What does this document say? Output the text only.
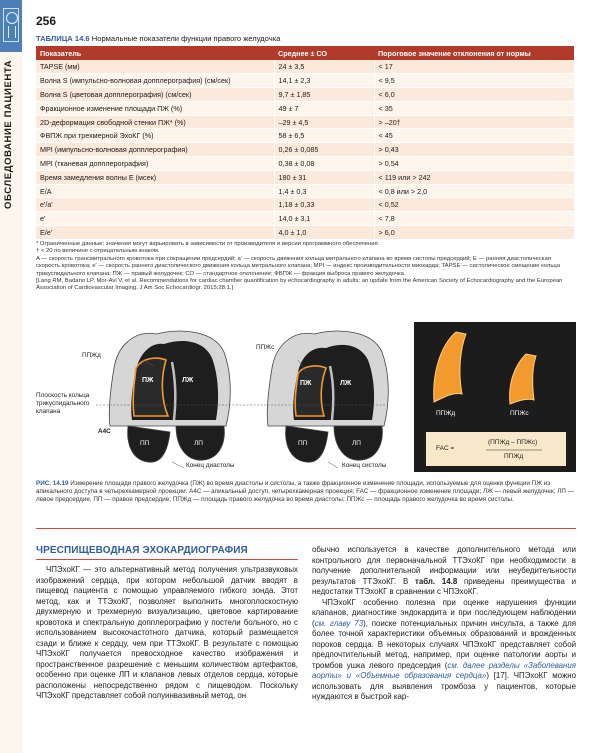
ОБСЛЕДОВАНИЕ ПАЦИЕНТА
256
ТАБЛИЦА 14.6 Нормальные показатели функции правого желудочка
Показатель	Среднее ± СО	Пороговое значение отклонения от нормы
TAPSE (мм)	24 ± 3,5	< 17
Волна S (импульсно-волновая допплерография) (см/сек)	14,1 ± 2,3	< 9,5
Волна S (цветовая допплерография) (см/сек)	9,7 ± 1,85	< 6,0
Фракционное изменение площади ПЖ (%)	49 ± 7	< 35
2D-деформация свободной стенки ПЖ* (%)	–29 ± 4,5	> –20†
ФВПЖ при трехмерной ЭхоКГ (%)	58 ± 6,5	< 45
MPI (импульсно-волновая допплерография)	0,26 ± 0,085	> 0,43
MPI (тканевая допплерография)	0,38 ± 0,08	> 0,54
Время замедления волны Е (мсек)	180 ± 31	< 119 или > 242
E/A	1,4 ± 0,3	< 0,8 или > 2,0
e'/a'	1,18 ± 0,33	< 0,52
e'	14,0 ± 3,1	< 7,8
E/e'	4,0 ± 1,0	> 6,0

* Ограниченные данные; значения могут варьировать в зависимости от производителя и версии программного обеспечения.

† < 20 по величине с отрицательным знаком.

A — скорость трансмитрального кровотока при сокращении предсердий; a' — скорость движения кольца митрального клапана во время систолы предсердий; Е — ранняя диастолическая скорость кровотока; е' — скорость раннего диастолического движения кольца митрального клапана; MPI — индекс производительности миокарда; TAPSE — систолическое смещение кольца трикуспидального клапана; ПЖ — правый желудочек; СО — стандартное отклонение; ФВПЖ — фракция выброса правого желудочка.

[Lang RM, Badano LP, Mor-Avi V, et al. Recommendations for cardiac chamber quantification by echocardiography in adults: an update from the American Society of Echocardiography and the European Association of Cardiovascular Imaging. J Am Soc Echocardiogr. 2015;28:1.]

ППЖд
ПЖ	ЛЖ
ПП	ЛП
Плоскость кольца
трикуспидального
клапана
А4С
Конец диастолы
ППЖс
ПЖ	ЛЖ
ПП	ЛП
Конец систолы
ППЖд	ППЖс
FAC =
(ППЖд – ППЖс)
ППЖд
РИС. 14.19 Измерение площади правого желудочка (ПЖ) во время диастолы и систолы, а также фракционное изменение площади, используемые для оценки функции ПЖ из апикального доступа в четырехкамерной проекции. А4С — апикальный доступ, четырехкамерная проекция; FAC — фракционное изменение площади; ЛЖ — левый желудочек; ЛП — левое предсердие; ПП — правое предсердие; ППЖд — площадь правого желудочка во время диастолы; ППЖс — площадь правого желудочка во время систолы.
ЧРЕСПИЩЕВОДНАЯ ЭХОКАРДИОГРАФИЯ

ЧПЭхоКГ — это альтернативный метод получения ультразвуковых изображений сердца, при котором небольшой датчик вводят в пищевод пациента с помощью управляемого гибкого зонда. Этот метод, как и ТТЭхоКГ, позволяет выполнить многоплоскостную двухмерную и трехмерную визуализацию, цветовое картирование кровотока и спектральную допплерографию у постели больного, но с использованием высокочастотного датчика, который размещается сзади и ближе к сердцу, чем при ТТЭхоКГ. В результате с помощью ЧПЭхоКГ получается превосходное качество изображения и пространственное разрешение с меньшим количеством артефактов, особенно при оценке ЛП и клапанов левых отделов сердца, которые расположены непосредственно рядом с пищеводом. Поскольку ЧПЭхоКГ представляет собой полуинвазивный метод, он

обычно используется в качестве дополнительного метода или контрольного для первоначальной ТТЭхоКГ при необходимости в получение дополнительной информации или неубедительности результатов ТТЭхоКГ. В табл. 14.8 приведены преимущества и недостатки ТТЭхоКГ в сравнении с ЧПЭхоКГ.

ЧПЭхоКГ особенно полезна при оценке нарушения функции клапанов, диагностике эндокардита и при последующем наблюдении (см. главу 73), поиске потенциальных причин инсульта, а также для более точной характеристики объемных образований и врожденных пороков сердца. В некоторых случаях ЧПЭхоКГ представляет собой предпочтительный метод, например, при оценке патологии аорты и тромбов ушка левого предсердия (см. далее разделы «Заболевания аорты» и «Объемные образования сердца») [17]. ЧПЭхоКГ можно использовать для выявления тромбоза у пациентов, которые нуждаются в быстрой кар-
